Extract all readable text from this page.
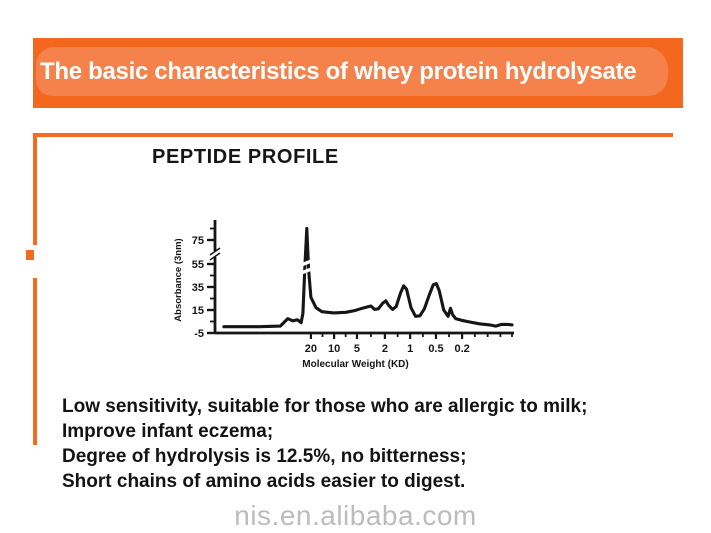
The basic characteristics of whey protein hydrolysate
PEPTIDE PROFILE
-5
15
35
55
75
20 10 5 2 1 0.5 0.2
Molecular Weight (KD)
Absorbance (3nm)

Low sensitivity, suitable for those who are allergic to milk;

Improve infant eczema;

Degree of hydrolysis is 12.5%, no bitterness;

Short chains of amino acids easier to digest.

nis.en.alibaba.com
